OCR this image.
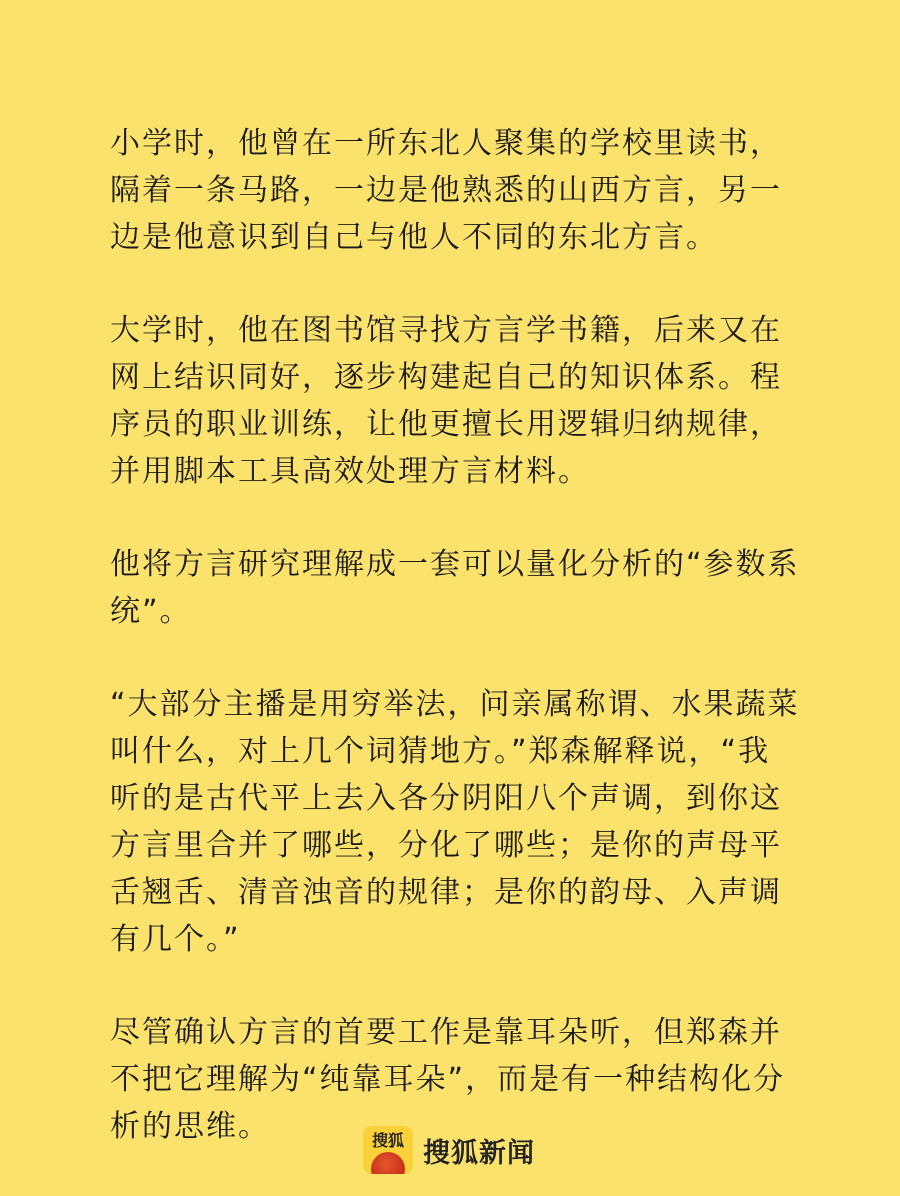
小学时，他曾在一所东北人聚集的学校里读书，隔着一条马路，一边是他熟悉的山西方言，另一边是他意识到自己与他人不同的东北方言。

大学时，他在图书馆寻找方言学书籍，后来又在网上结识同好，逐步构建起自己的知识体系。程序员的职业训练，让他更擅长用逻辑归纳规律，并用脚本工具高效处理方言材料。

他将方言研究理解成一套可以量化分析的“参数系统”。

“大部分主播是用穷举法，问亲属称谓、水果蔬菜叫什么，对上几个词猜地方。”郑森解释说，“我听的是古代平上去入各分阴阳八个声调，到你这方言里合并了哪些，分化了哪些；是你的声母平舌翘舌、清音浊音的规律；是你的韵母、入声调有几个。”

尽管确认方言的首要工作是靠耳朵听，但郑森并不把它理解为“纯靠耳朵”，而是有一种结构化分析的思维。	搜狐 搜狐新闻
